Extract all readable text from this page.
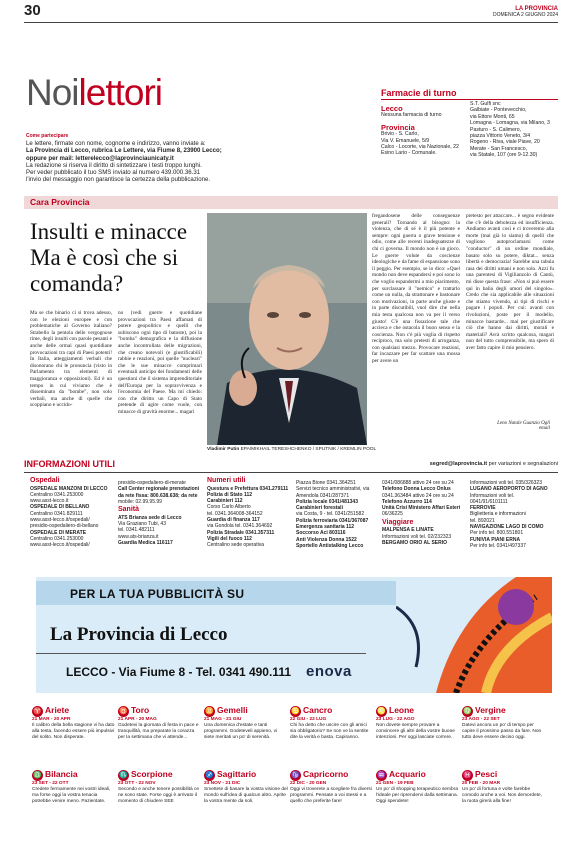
30	LA PROVINCIA
DOMENICA 2 GIUGNO 2024
Noilettori
Come partecipare
Le lettere, firmate con nome, cognome e indirizzo, vanno inviate a:
La Provincia di Lecco, rubrica Le Lettere, via Fiume 8, 23900 Lecco;
oppure per mail: letterelecco@laprovinciaunicaty.it
La redazione si riserva il diritto di sintetizzare i testi troppo lunghi.
Per veder pubblicato il tuo SMS inviato al numero 439.000.36.31
l'invio del messaggio non garantisce la certezza della pubblicazione.
Farmacie di turno
Lecco
Nessuna farmacia di turno
Provincia
Brivio - S. Carlo,
Via V. Emanuele, 5/9
Calco - Locorte, via Nazionale, 22
Esino Lario - Comunale.
S.T. Gulfi snc
Galbiate - Pontevecchio,
via Ettore Monti, 65
Lomagna - Lomagna, via Milano, 3
Pasturo - S. Calimero,
piazza Vittorio Veneto, 3/4
Rogeno - Riva, viale Piave, 20
Merate - San Francesco,
via Statale, 107 (ore 9-12.30)
Cara Provincia
Insulti e minacce Ma è così che si comanda?
Ma se che binario ci si trova adesso, con le elezioni europee e con problematiche al Governo italiano? Strabello la pentola delle vergognose rime, degli insulti con parole pesanti e anche delle ormai quasi quotidiane provocazioni tra capi di Paesi potenti! In Italia, atteggiamenti verbali che disonorano chi le pronuncia (visto in Parlamento tra elementi di maggioranza e opposizioni). Ed è un tempo in cui viviamo che è disseminato da "bombe", non solo verbali, ma anche di quelle che scoppiano e uccido-
no (vedi guerre e quotidiane provocazioni tra Paesi affamati di potere geopolitico e quelli che subiscono ogni tipo di batoste), poi la "bomba" demografica e la diffusione anche incontrollata delle migrazioni, che creano notevoli (e giustificabili) rabbie e reazioni, poi quelle "nucleari" che le sue minacce comprimari eventuali anticipo dei fondamenti delle questioni che il sistema imprenditoriale dell'Europa per la sopravvivenza e l'economia del Paese. Ma mi chiedo: con che diritto un Capo di Stato pretende di agire come vuole, con minacce di gravità enorme... magari
Vladimir Putin EPA/MIKHAIL TERESHCHENKO / SPUTNIK / KREMLIN POOL
fregandosene delle conseguenze generali? Tornando al bisogno: la violenza, che di sé è il più potente e sempre: ogni guerra o grave tensione e odio, come alle recenti inadeguatezze di chi ci governa. Il mondo non è un gioco. Le guerre volute da coscienze ideologiche e da fame di espansione sono il peggio. Per esempio, se io dico: «Quel mondo non deve espandersi e poi sono io che voglio espandermi a mio piacimento, per surclassare il "nemico" e trattarlo come un nulla, da strattonare e bastonare con motivazioni, in parte anche giuste e in parte discutibili, vuol dire che nella mia testa qualcosa non va per il verso giusto! C'è una fissazione tale che accieca e che ostacola il buon senso e la coscienza. Non c'è più voglia di rispetto reciproco, ma solo pretesti di arroganza, con qualsiasi mezzo. Provocare reazioni, far incazzare per far scattare una mossa per avere un
pretesto per attaccare... è segno evidente che c'è della debolezza ed insufficienza. Andiamo avanti così e ci troveremo alla morte (mai già lo siamo) di quelli che vogliono autoproclamarsi come "conductor" di un ordine mondiale, basato solo su potere, diktat... senza libertà e democrazia! Sarebbe una tabula rasa dei diritti umani e non solo. Azzi fu una parentesi di Vigilianzolo di Cantù, mi disse questa frase: «Non si può essere qui in balia degli umori del singolo». Credo che sia applicabile alle situazioni che stiamo vivendo, ai tipi di rischi e pagare i popoli. Per cui: avanti con rivoluzioni, poste per il modello, minacce bastarde... mai per giustificare ciò che hanno dai diritti, morali e materiali? Avrà scritto qualcosa, magari non del tutto comprensibile, ma spero di aver fatto capire il mio pensiero.
Leno Natale Guanzio Ogli
email
INFORMAZIONI UTILI	segred@laprovincia.it per variazioni e segnalazioni
Ospedali
OSPEDALE MANZONI DI LECCO
Centralino 0341.253000
www.asst-lecco.it
OSPEDALE DI BELLANO
Centralino 0341.829111
www.asst-lecco.it/ospedali/
presidio-ospedaliero-di-bellano
OSPEDALE DI MERATE
Centralino 0341.253000
www.asst-lecco.it/ospedali/
presidio-ospedaliero-di-merate
Call Center regionale prenotazioni
da rete fissa: 800.638.638; da rete
mobile: 02.99.95.99
Sanità
ATS Brianza sede di Lecco
Via Graziano Tubi, 43
tel. 0341.482111
www.ats-brianza.it
Guardia Medica 116117
Numeri utili
Questura e Prefettura 0341.279111
Polizia di Stato 112
Carabinieri 112
Corso Carlo Alberto
tel. 0341.364008-364152
Guardia di finanza 117
via Gondola tel. 0341.364692
Polizia Stradale 0341.357311
Vigili del fuoco 112
Centralino sede operativa
Piazza Bione 0341.364251
Servizi tecnico amministrativi, via
Amendola 0341/287371
Polizia locale 0341/481343
Carabinieri forestali
via Costa, 9 - tel. 0341/251582
Polizia ferroviaria 0341/367087
Emergenza sanitaria 112
Soccorso Aci 803116
Anti Violenza Donna 1522
Sportello Antistalking Lecco
0341/086888 attivo 24 ore su 24
Telefono Donna Lecco Onlus
0341.363484 attivo 24 ore su 24
Telefono Azzurro 114
Unità Crisi Ministero Affari Esteri
06/36225
Viaggiare
MALPENSA E LINATE
Informazioni voli tel. 02/232323
BERGAMO ORIO AL SERIO
Informazioni voli tel. 035/326323
LUGANO AEROPORTO DI AGNO
Informazioni voli tel.
0041/91/6101111
FERROVIE
Biglietteria e informazioni
tel. 892021
NAVIGAZIONE LAGO DI COMO
Per info tel. 800.551801
FUNIVIA PIANI ERNA
Per info tel. 0341/497337
PER LA TUA PUBBLICITÀ SU
La Provincia di Lecco
LECCO - Via Fiume 8 - Tel. 0341 490.111 enova
♈ Ariete
21 MAR - 20 APR
Il calibro della bella stagione vi ha dato alla testa, facendo essere più impulsivi del solito. Non disperate.
♉ Toro
21 APR - 20 MAG
Godetevi la giornata di festa in pace e tranquillità, ma preparate la corazza per la settimana che vi attende...
♊ Gemelli
21 MAG - 21 GIU
Una domenica d'estate e tanti programmi. Godeteveli appieno, vi siete meritati un po' di serenità.
♋ Cancro
22 GIU - 22 LUG
Chi ha detto che uscire con gli amici sia obbligatorio? Se non ve la sentite dite la verità e basta. Capiranno.
♌ Leone
23 LUG - 22 AGO
Non dovete sempre provare a convincere gli altri della vostre buone intenzioni. Per oggi lasciate correre.
♍ Vergine
23 AGO - 22 SET
Datevi ancora un po' di tempo per capire il prossimo passo da fare. Non tutto deve essere deciso oggi.
♎ Bilancia
23 SET - 22 OTT
Credete fermamente nei vostri ideali, ma forse oggi la vostra tenacia potrebbe venire meno. Pazientate.
♏ Scorpione
23 OTT - 22 NOV
Secondo e anche tenere possibilità ce ne sono state. Forse oggi è arrivato il momento di chiudere SEE
♐ Sagittario
23 NOV - 21 DIC
Smettete di basare la vostra visione del mondo sull'idea di qualcun altro. Aprite la vostra mente da soli.
♑ Capricorno
22 DIC - 20 GEN
Oggi vi troverete a scegliere fra diversi programmi. Pensate a voi stessi e a quello che preferite fare!
♒ Acquario
21 GEN - 19 FEB
Un po' di shopping terapeutico sembra l'ideale per riprendervi dalla settimana. Oggi spendete!
♓ Pesci
20 FEB - 20 MAR
Un po' di fortuna e volte farebbe comodo anche a voi. Non demordete, la ruota girerà alla fine!
